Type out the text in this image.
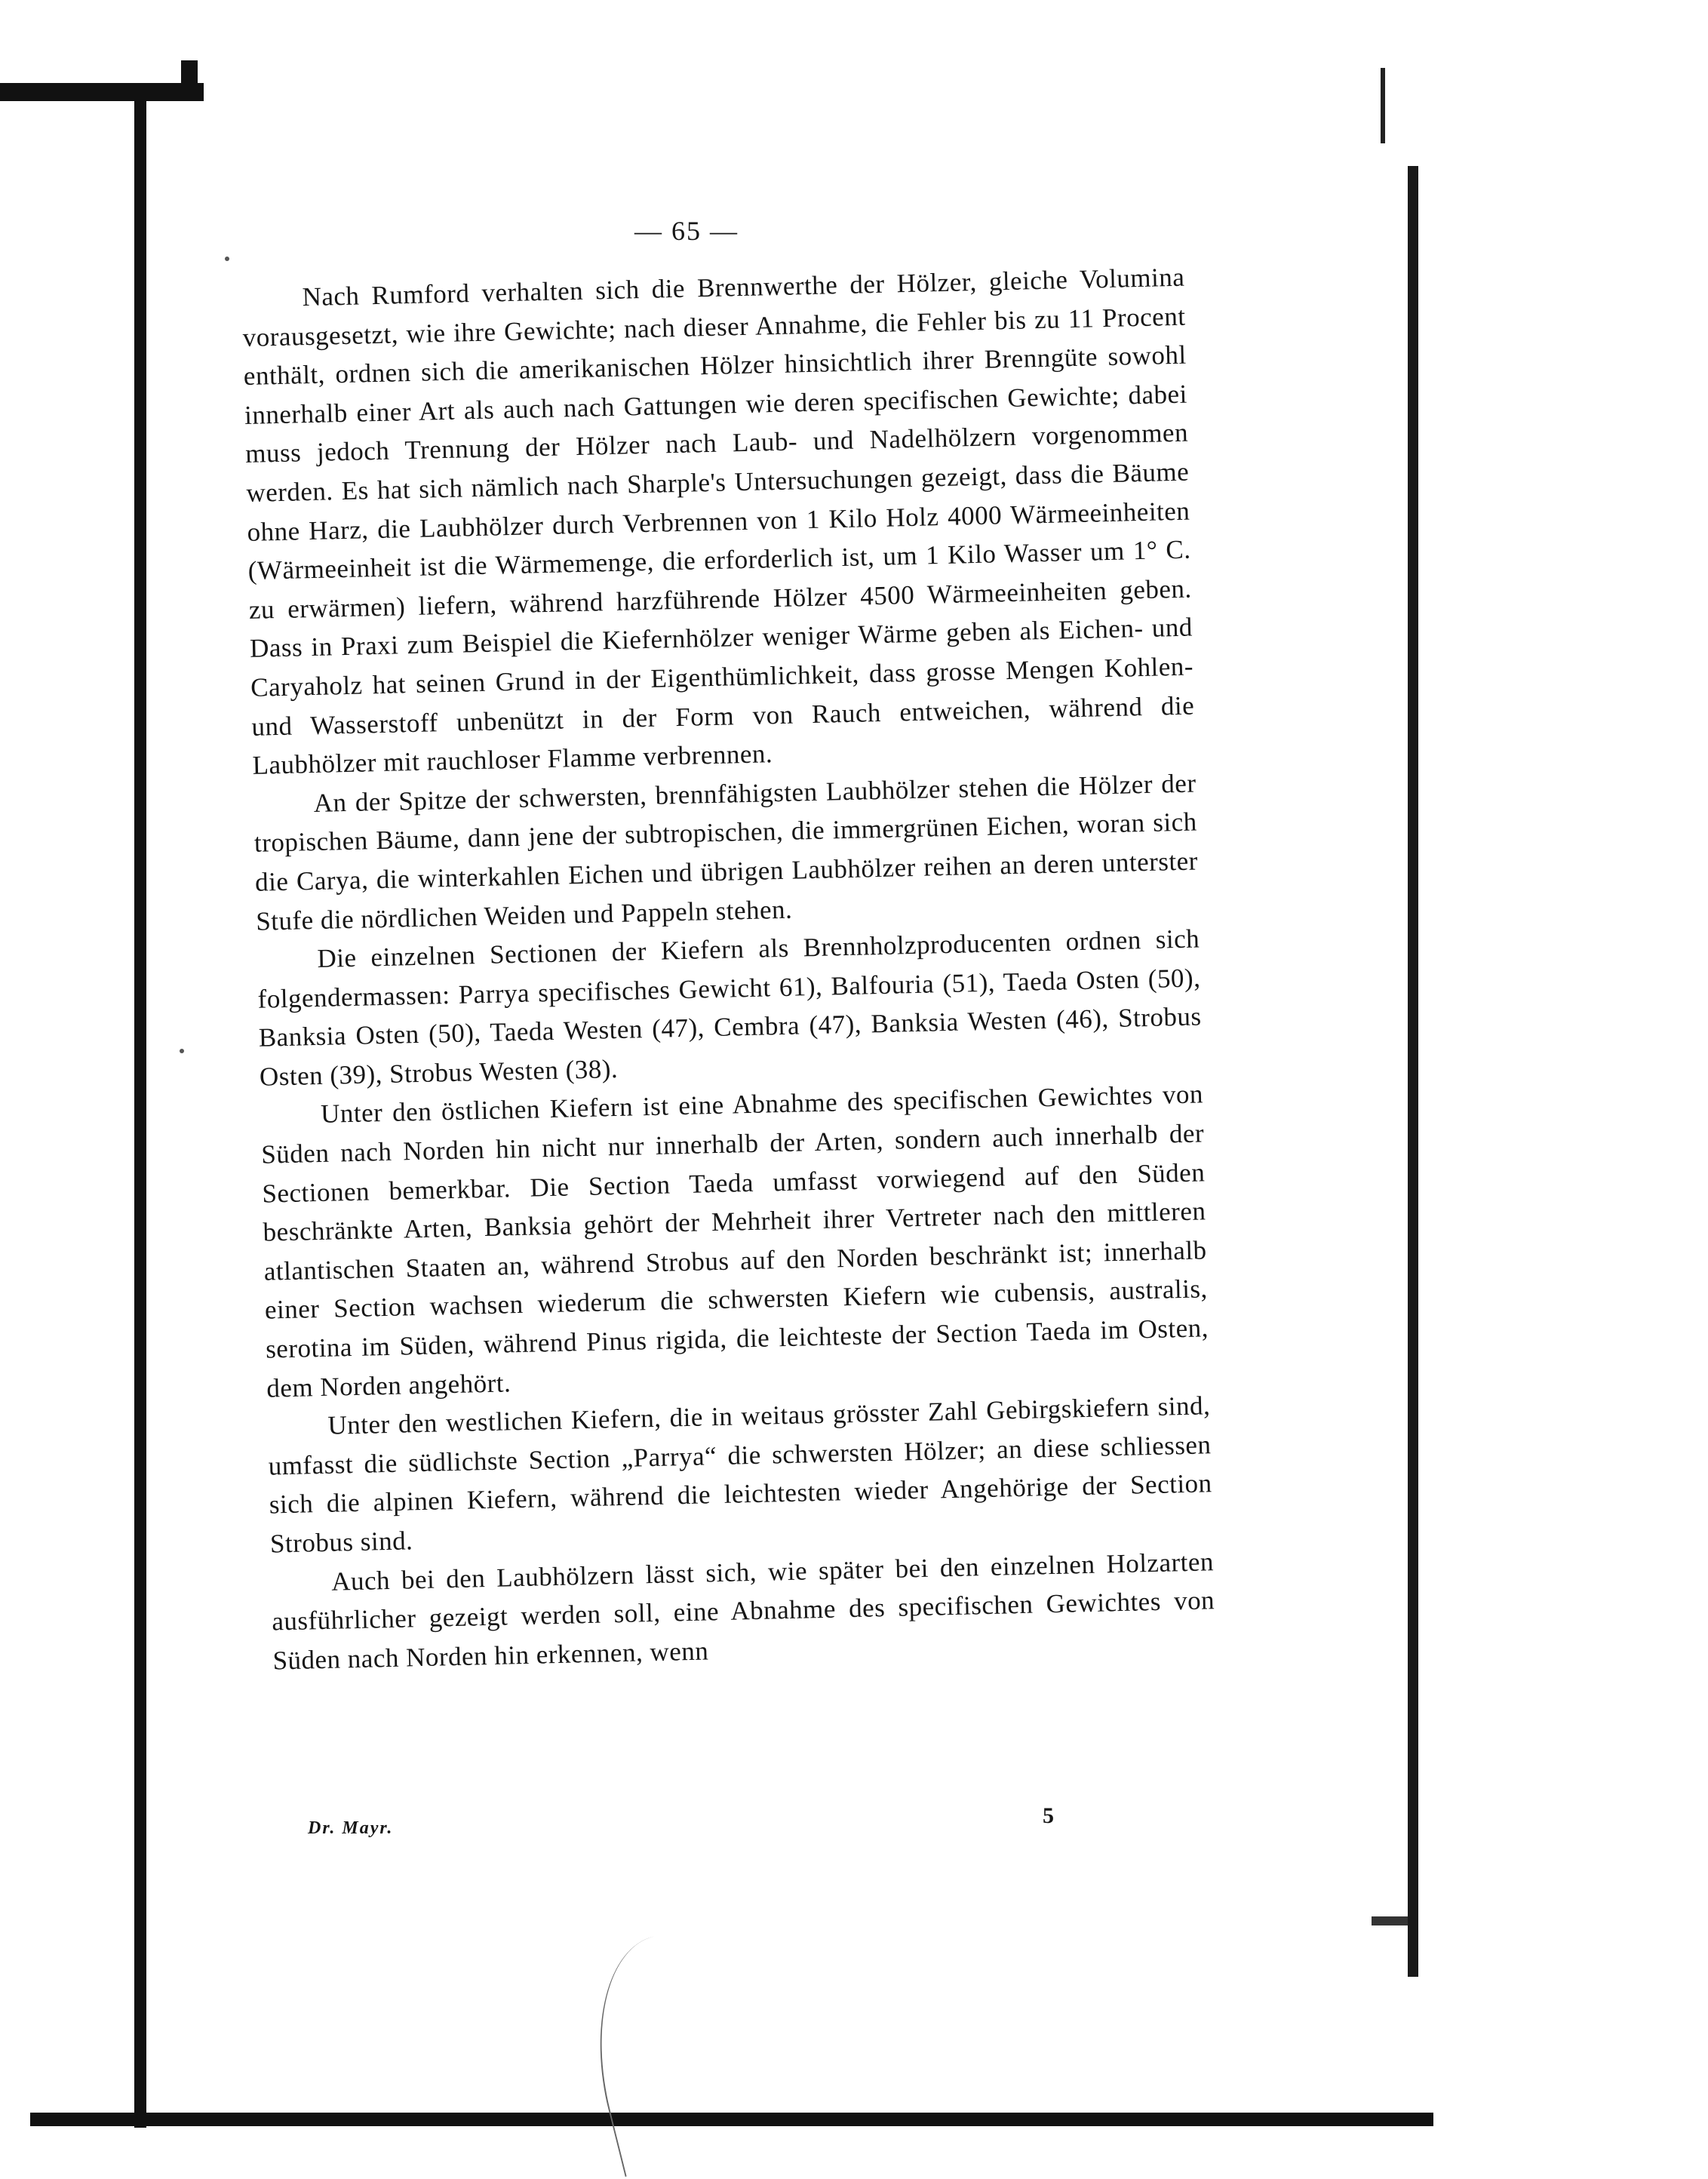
— 65 —

Nach Rumford verhalten sich die Brennwerthe der Hölzer, gleiche Volumina vorausgesetzt, wie ihre Gewichte; nach dieser Annahme, die Fehler bis zu 11 Procent enthält, ordnen sich die amerikanischen Hölzer hinsichtlich ihrer Brenngüte sowohl innerhalb einer Art als auch nach Gattungen wie deren specifischen Gewichte; dabei muss jedoch Trennung der Hölzer nach Laub- und Nadelhölzern vorgenommen werden. Es hat sich nämlich nach Sharple's Untersuchungen gezeigt, dass die Bäume ohne Harz, die Laubhölzer durch Verbrennen von 1 Kilo Holz 4000 Wärmeeinheiten (Wärmeeinheit ist die Wärmemenge, die erforderlich ist, um 1 Kilo Wasser um 1° C. zu erwärmen) liefern, während harzführende Hölzer 4500 Wärmeeinheiten geben. Dass in Praxi zum Beispiel die Kiefernhölzer weniger Wärme geben als Eichen- und Caryaholz hat seinen Grund in der Eigenthümlichkeit, dass grosse Mengen Kohlen- und Wasserstoff unbenützt in der Form von Rauch entweichen, während die Laubhölzer mit rauchloser Flamme verbrennen.

An der Spitze der schwersten, brennfähigsten Laubhölzer stehen die Hölzer der tropischen Bäume, dann jene der subtropischen, die immergrünen Eichen, woran sich die Carya, die winterkahlen Eichen und übrigen Laubhölzer reihen an deren unterster Stufe die nördlichen Weiden und Pappeln stehen.

Die einzelnen Sectionen der Kiefern als Brennholzproducenten ordnen sich folgendermassen: Parrya specifisches Gewicht 61), Balfouria (51), Taeda Osten (50), Banksia Osten (50), Taeda Westen (47), Cembra (47), Banksia Westen (46), Strobus Osten (39), Strobus Westen (38).

Unter den östlichen Kiefern ist eine Abnahme des specifischen Gewichtes von Süden nach Norden hin nicht nur innerhalb der Arten, sondern auch innerhalb der Sectionen bemerkbar. Die Section Taeda umfasst vorwiegend auf den Süden beschränkte Arten, Banksia gehört der Mehrheit ihrer Vertreter nach den mittleren atlantischen Staaten an, während Strobus auf den Norden beschränkt ist; innerhalb einer Section wachsen wiederum die schwersten Kiefern wie cubensis, australis, serotina im Süden, während Pinus rigida, die leichteste der Section Taeda im Osten, dem Norden angehört.

Unter den westlichen Kiefern, die in weitaus grösster Zahl Gebirgskiefern sind, umfasst die südlichste Section „Parrya“ die schwersten Hölzer; an diese schliessen sich die alpinen Kiefern, während die leichtesten wieder Angehörige der Section Strobus sind.

Auch bei den Laubhölzern lässt sich, wie später bei den einzelnen Holzarten ausführlicher gezeigt werden soll, eine Abnahme des specifischen Gewichtes von Süden nach Norden hin erkennen, wenn

Dr. Mayr.	5
